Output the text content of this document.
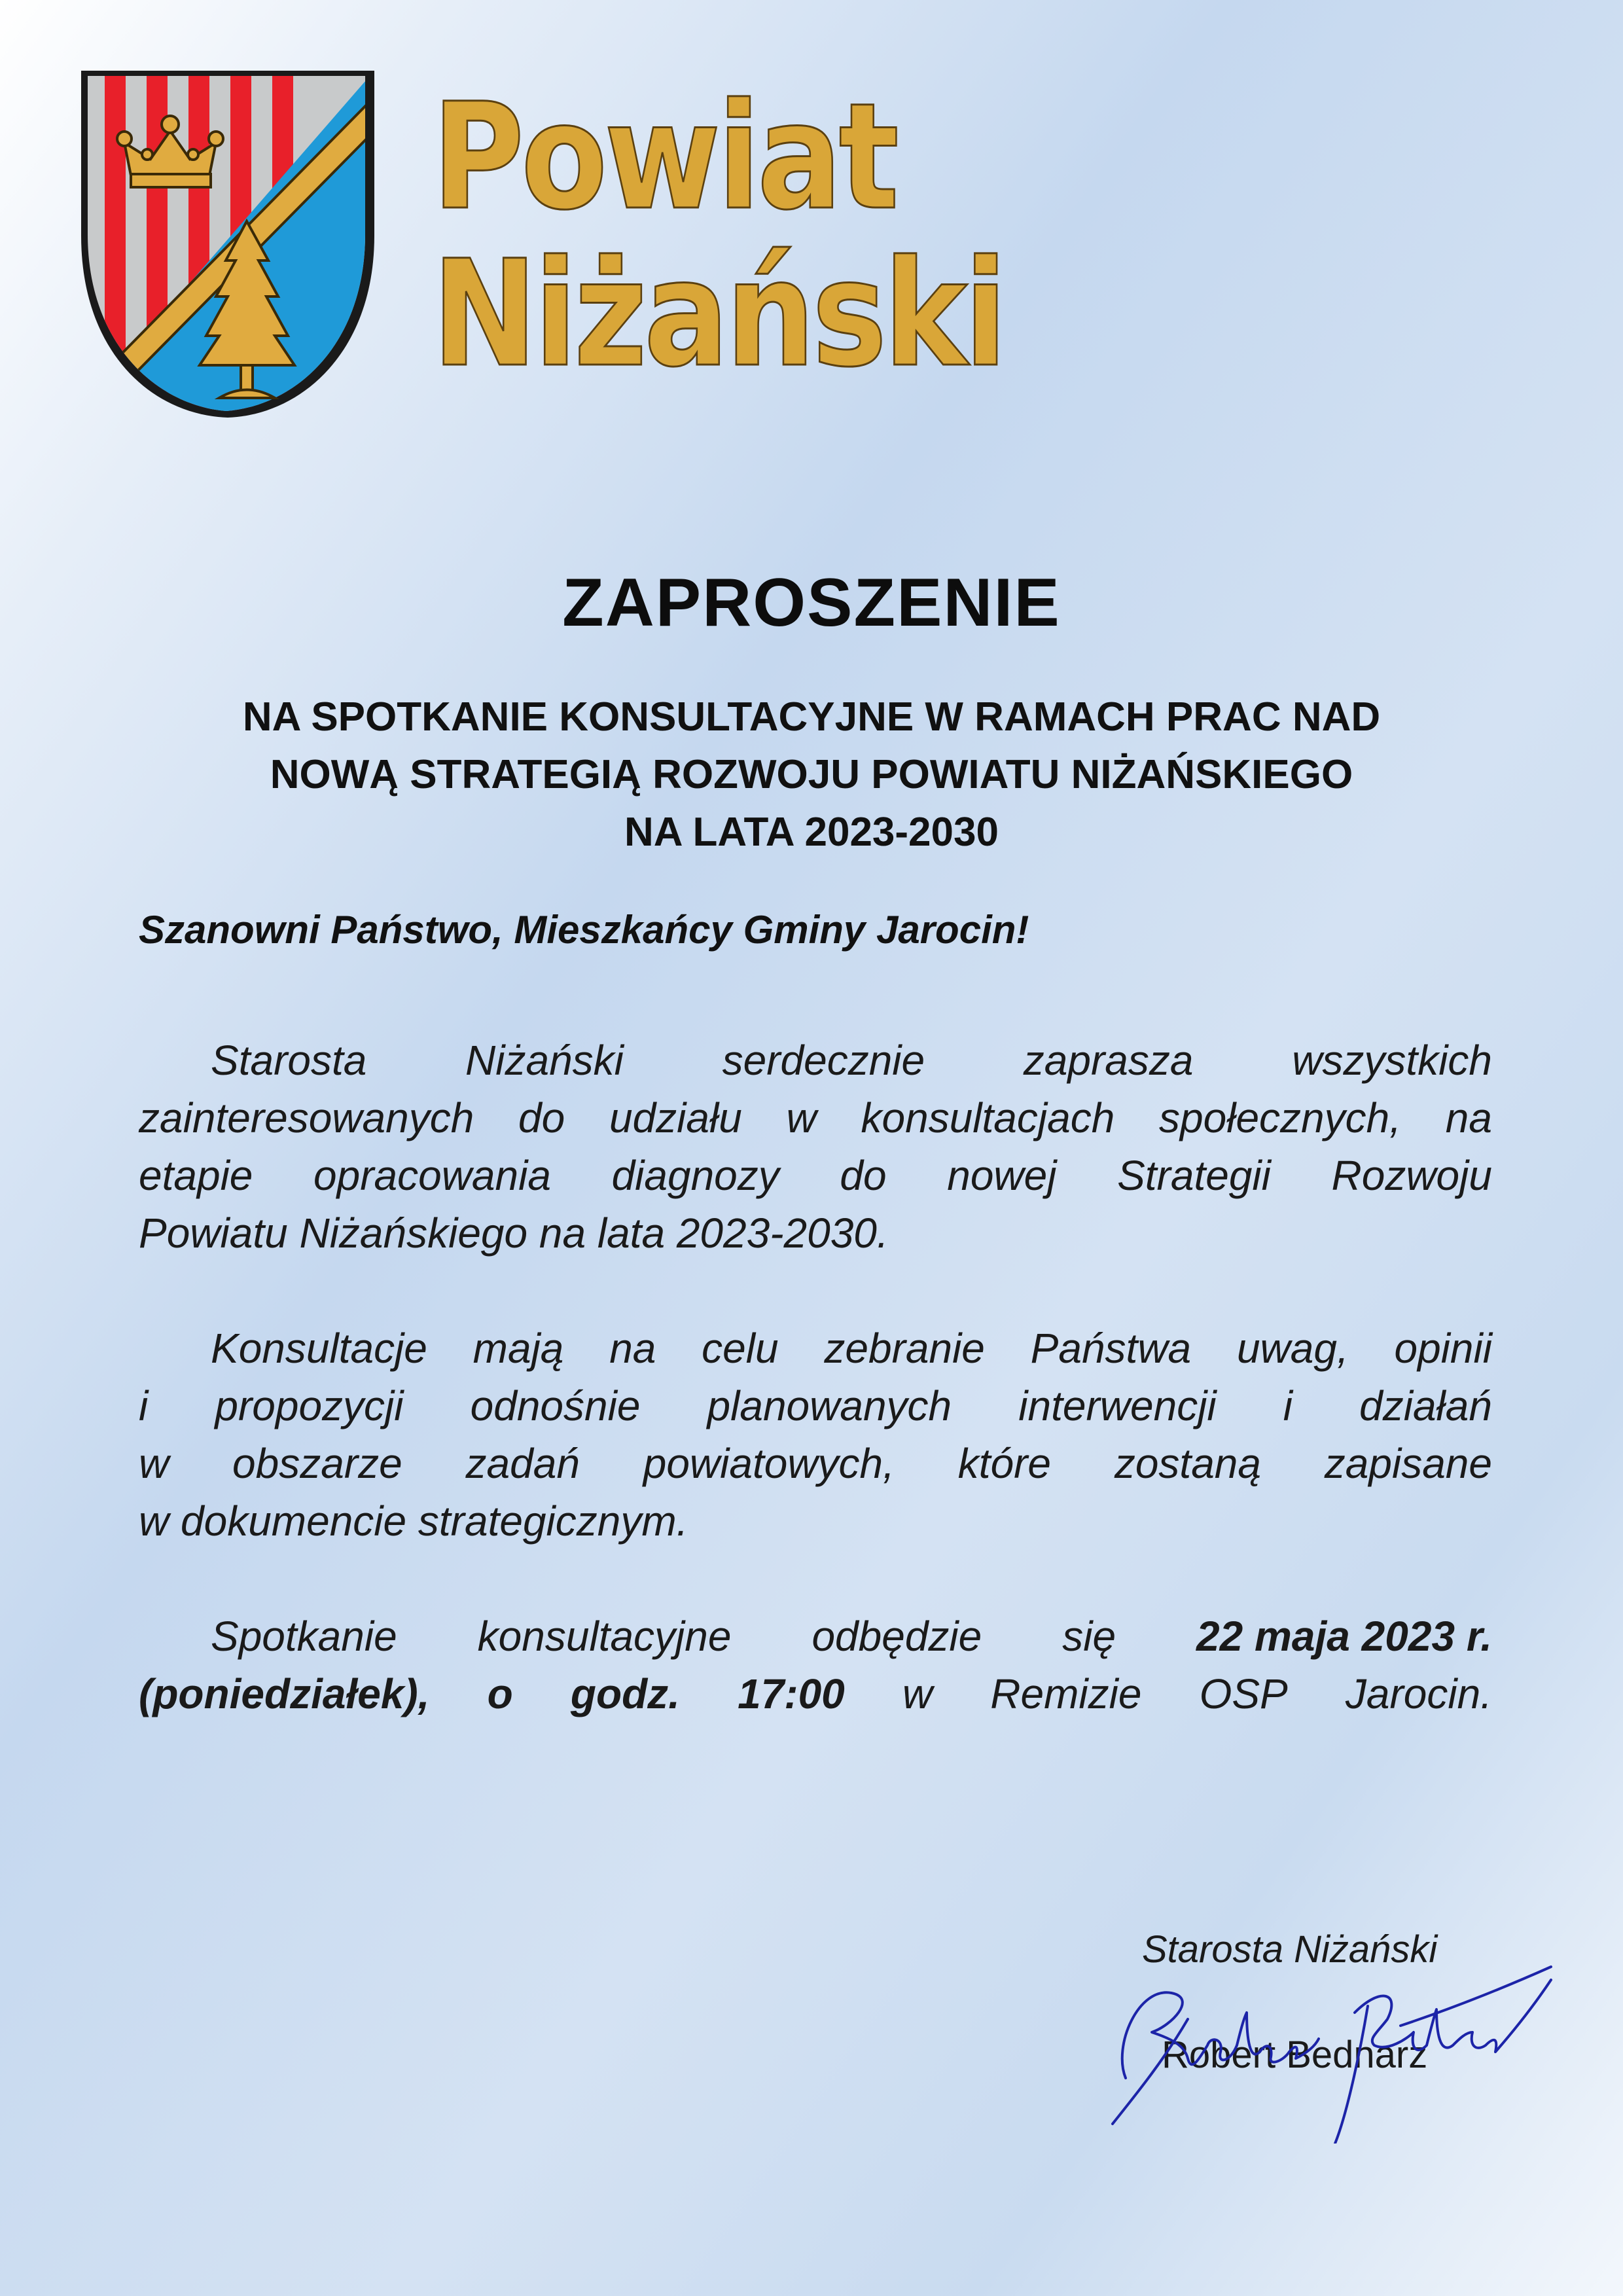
Powiat
Niżański
ZAPROSZENIE
NA SPOTKANIE KONSULTACYJNE W RAMACH PRAC NAD
NOWĄ STRATEGIĄ ROZWOJU POWIATU NIŻAŃSKIEGO
NA LATA 2023-2030
Szanowni Państwo, Mieszkańcy Gminy Jarocin!
Starosta Niżański serdecznie zaprasza wszystkich
zainteresowanych do udziału w konsultacjach społecznych, na
etapie opracowania diagnozy do nowej Strategii Rozwoju
Powiatu Niżańskiego na lata 2023-2030.
Konsultacje mają na celu zebranie Państwa uwag, opinii
i propozycji odnośnie planowanych interwencji i działań
w obszarze zadań powiatowych, które zostaną zapisane
w dokumencie strategicznym.
Spotkanie konsultacyjne odbędzie się 22 maja 2023 r.
(poniedziałek), o godz. 17:00 w Remizie OSP Jarocin.
Starosta Niżański
Robert Bednarz
